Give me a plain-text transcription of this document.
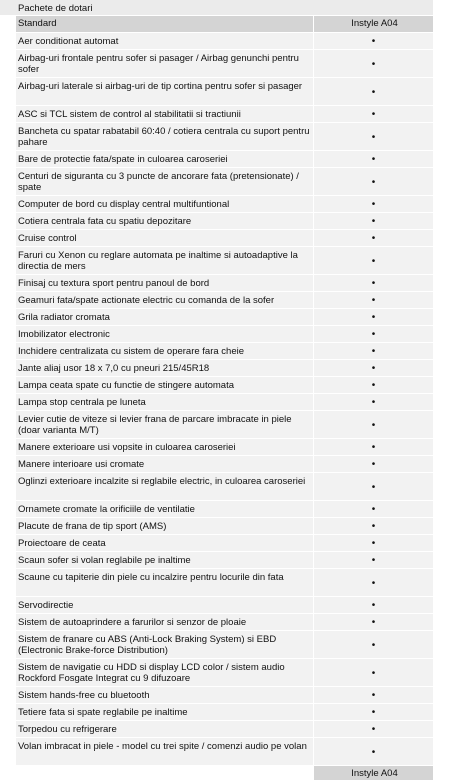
Pachete de dotari
Standard	Instyle A04
Aer conditionat automat	•
Airbag-uri frontale pentru sofer si pasager / Airbag genunchi pentru sofer	•
Airbag-uri laterale si airbag-uri de tip cortina pentru sofer si pasager	•
ASC si TCL sistem de control al stabilitatii si tractiunii	•
Bancheta cu spatar rabatabil 60:40 / cotiera centrala cu suport pentru pahare	•
Bare de protectie fata/spate in culoarea caroseriei	•
Centuri de siguranta cu 3 puncte de ancorare fata (pretensionate) / spate	•
Computer de bord cu display central multifuntional	•
Cotiera centrala fata cu spatiu depozitare	•
Cruise control	•
Faruri cu Xenon cu reglare automata pe inaltime si autoadaptive la directia de mers	•
Finisaj cu textura sport pentru panoul de bord	•
Geamuri fata/spate actionate electric cu comanda de la sofer	•
Grila radiator cromata	•
Imobilizator electronic	•
Inchidere centralizata cu sistem de operare fara cheie	•
Jante aliaj usor 18 x 7,0 cu pneuri 215/45R18	•
Lampa ceata spate cu functie de stingere automata	•
Lampa stop centrala pe luneta	•
Levier cutie de viteze si levier frana de parcare imbracate in piele (doar varianta M/T)	•
Manere exterioare usi vopsite in culoarea caroseriei	•
Manere interioare usi cromate	•
Oglinzi exterioare incalzite si reglabile electric, in culoarea caroseriei	•
Ornamete cromate la orificiile de ventilatie	•
Placute de frana de tip sport (AMS)	•
Proiectoare de ceata	•
Scaun sofer si volan reglabile pe inaltime	•
Scaune cu tapiterie din piele cu incalzire pentru locurile din fata	•
Servodirectie	•
Sistem de autoaprindere a farurilor si senzor de ploaie	•
Sistem de franare cu ABS (Anti-Lock Braking System) si EBD (Electronic Brake-force Distribution)	•
Sistem de navigatie cu HDD si display LCD color / sistem audio Rockford Fosgate Integrat cu 9 difuzoare	•
Sistem hands-free cu bluetooth	•
Tetiere fata si spate reglabile pe inaltime	•
Torpedou cu refrigerare	•
Volan imbracat in piele - model cu trei spite / comenzi audio pe volan	•
	Instyle A04
